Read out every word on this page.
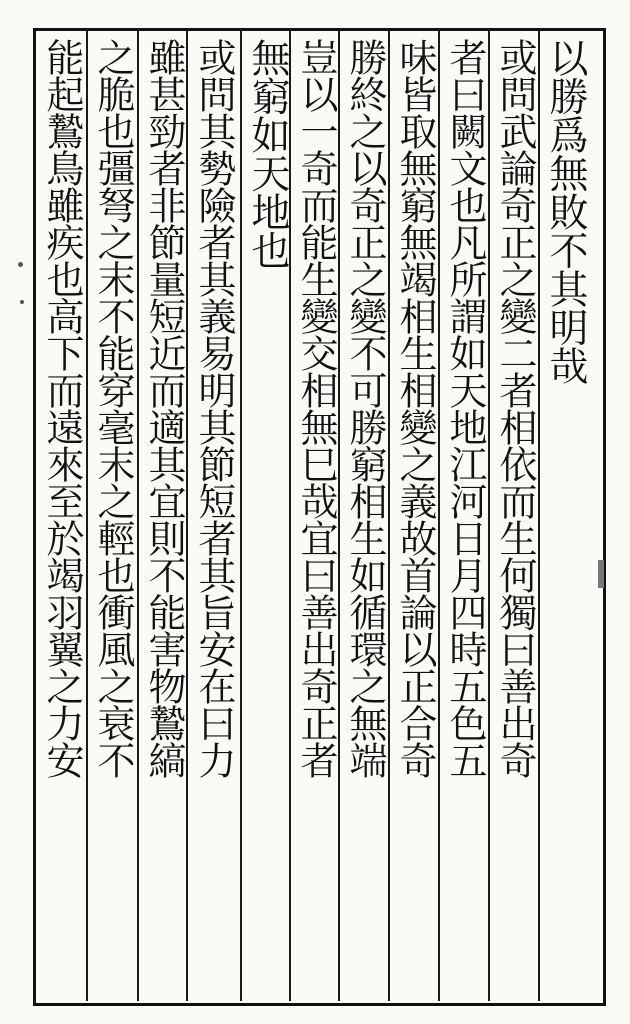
以勝爲無敗不其明哉
或問武論奇正之變二者相依而生何獨曰善出奇
者曰闕文也凡所謂如天地江河日月四時五色五
味皆取無窮無竭相生相變之義故首論以正合奇
勝終之以奇正之變不可勝窮相生如循環之無端
豈以一奇而能生變交相無巳哉宜曰善出奇正者
無窮如天地也
或問其勢險者其義易明其節短者其旨安在曰力
雖甚勁者非節量短近而適其宜則不能害物鷙縞
之脆也彊弩之末不能穿毫末之輕也衝風之衰不
能起鷙鳥雖疾也高下而遠來至於竭羽翼之力安
